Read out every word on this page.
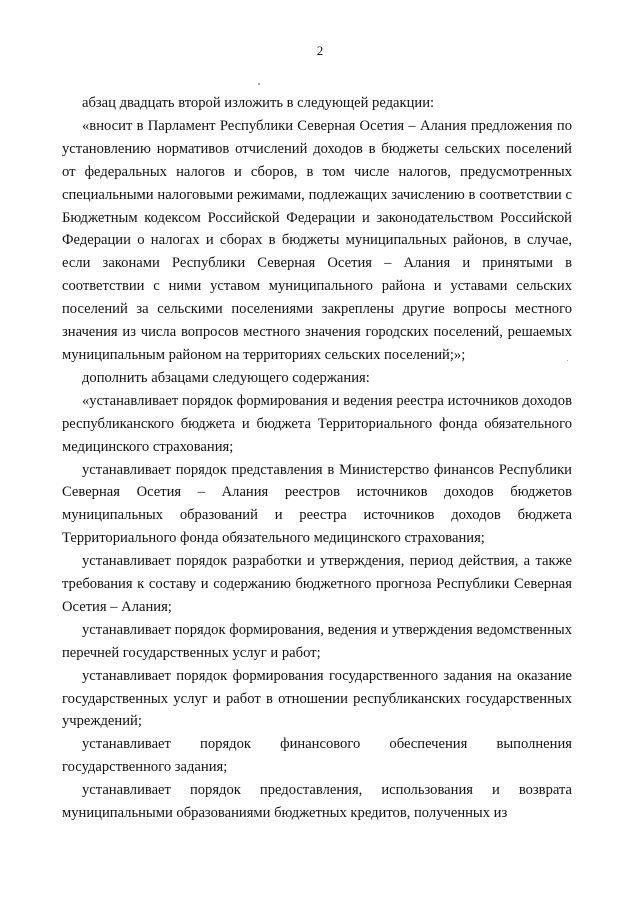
2

абзац двадцать второй изложить в следующей редакции:

«вносит в Парламент Республики Северная Осетия – Алания предложения по установлению нормативов отчислений доходов в бюджеты сельских поселений от федеральных налогов и сборов, в том числе налогов, предусмотренных специальными налоговыми режимами, подлежащих зачислению в соответствии с Бюджетным кодексом Российской Федерации и законодательством Российской Федерации о налогах и сборах в бюджеты муниципальных районов, в случае, если законами Республики Северная Осетия – Алания и принятыми в соответствии с ними уставом муниципального района и уставами сельских поселений за сельскими поселениями закреплены другие вопросы местного значения из числа вопросов местного значения городских поселений, решаемых муниципальным районом на территориях сельских поселений;»;

дополнить абзацами следующего содержания:

«устанавливает порядок формирования и ведения реестра источников доходов республиканского бюджета и бюджета Территориального фонда обязательного медицинского страхования;

устанавливает порядок представления в Министерство финансов Республики Северная Осетия – Алания реестров источников доходов бюджетов муниципальных образований и реестра источников доходов бюджета Территориального фонда обязательного медицинского страхования;

устанавливает порядок разработки и утверждения, период действия, а также требования к составу и содержанию бюджетного прогноза Республики Северная Осетия – Алания;

устанавливает порядок формирования, ведения и утверждения ведомственных перечней государственных услуг и работ;

устанавливает порядок формирования государственного задания на оказание государственных услуг и работ в отношении республиканских государственных учреждений;

устанавливает порядок финансового обеспечения выполнения государственного задания;

устанавливает порядок предоставления, использования и возврата муниципальными образованиями бюджетных кредитов, полученных из
